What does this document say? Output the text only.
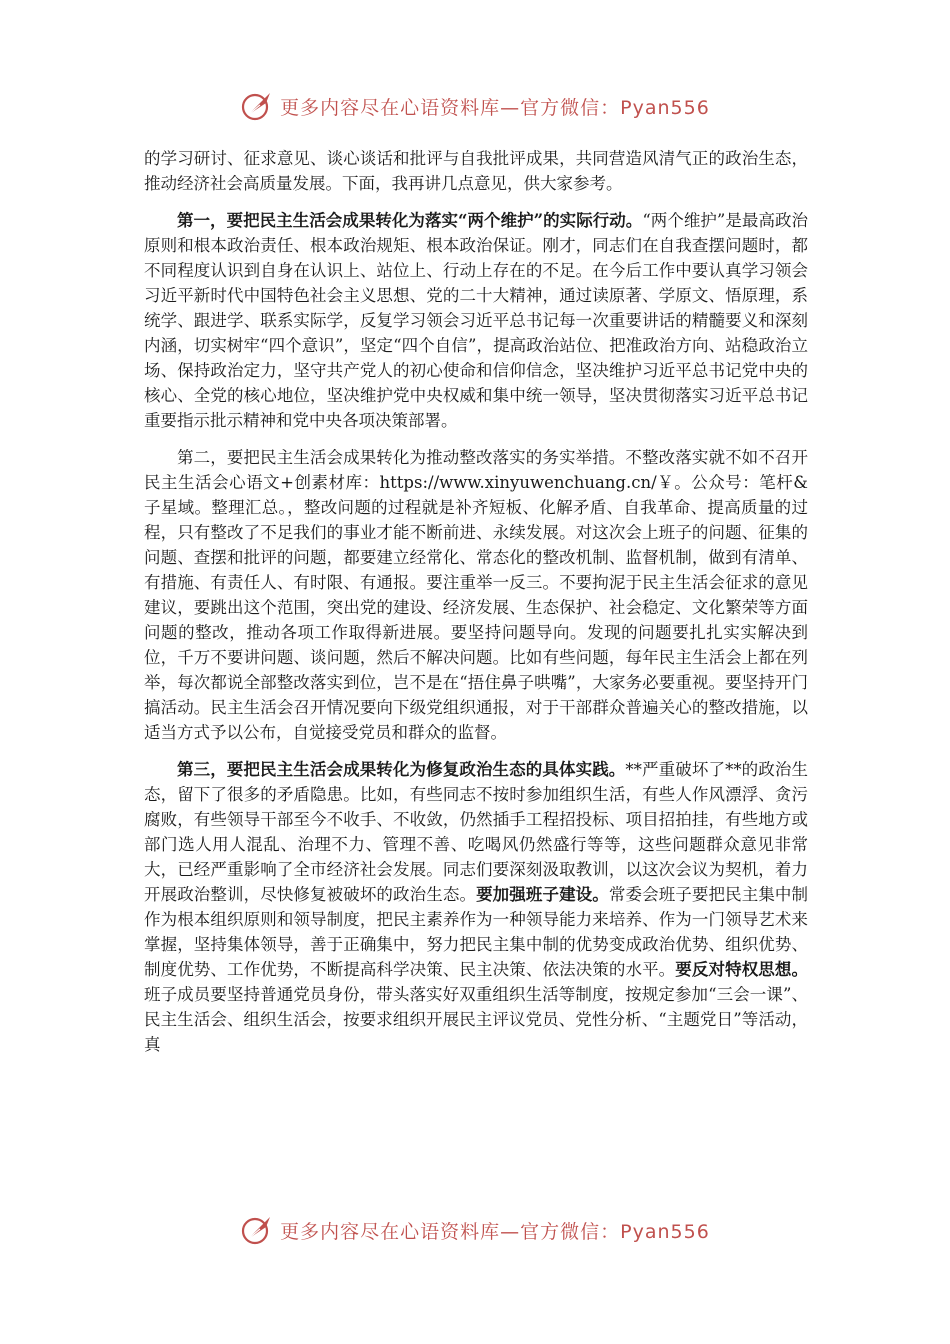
更多内容尽在心语资料库—官方微信：Pyan556

的学习研讨、征求意见、谈心谈话和批评与自我批评成果，共同营造风清气正的政治生态，推动经济社会高质量发展。下面，我再讲几点意见，供大家参考。

第一，要把民主生活会成果转化为落实“两个维护”的实际行动。“两个维护”是最高政治原则和根本政治责任、根本政治规矩、根本政治保证。刚才，同志们在自我查摆问题时，都不同程度认识到自身在认识上、站位上、行动上存在的不足。在今后工作中要认真学习领会习近平新时代中国特色社会主义思想、党的二十大精神，通过读原著、学原文、悟原理，系统学、跟进学、联系实际学，反复学习领会习近平总书记每一次重要讲话的精髓要义和深刻内涵，切实树牢“四个意识”，坚定“四个自信”，提高政治站位、把准政治方向、站稳政治立场、保持政治定力，坚守共产党人的初心使命和信仰信念，坚决维护习近平总书记党中央的核心、全党的核心地位，坚决维护党中央权威和集中统一领导，坚决贯彻落实习近平总书记重要指示批示精神和党中央各项决策部署。

第二，要把民主生活会成果转化为推动整改落实的务实举措。不整改落实就不如不召开民主生活会心语文+创素材库：https://www.xinyuwenchuang.cn/￥。公众号：笔杆&子星域。整理汇总。，整改问题的过程就是补齐短板、化解矛盾、自我革命、提高质量的过程，只有整改了不足我们的事业才能不断前进、永续发展。对这次会上班子的问题、征集的问题、查摆和批评的问题，都要建立经常化、常态化的整改机制、监督机制，做到有清单、有措施、有责任人、有时限、有通报。要注重举一反三。不要拘泥于民主生活会征求的意见建议，要跳出这个范围，突出党的建设、经济发展、生态保护、社会稳定、文化繁荣等方面问题的整改，推动各项工作取得新进展。要坚持问题导向。发现的问题要扎扎实实解决到位，千万不要讲问题、谈问题，然后不解决问题。比如有些问题，每年民主生活会上都在列举，每次都说全部整改落实到位，岂不是在“捂住鼻子哄嘴”，大家务必要重视。要坚持开门搞活动。民主生活会召开情况要向下级党组织通报，对于干部群众普遍关心的整改措施，以适当方式予以公布，自觉接受党员和群众的监督。

第三，要把民主生活会成果转化为修复政治生态的具体实践。**严重破坏了**的政治生态，留下了很多的矛盾隐患。比如，有些同志不按时参加组织生活，有些人作风漂浮、贪污腐败，有些领导干部至今不收手、不收敛，仍然插手工程招投标、项目招拍挂，有些地方或部门选人用人混乱、治理不力、管理不善、吃喝风仍然盛行等等，这些问题群众意见非常大，已经严重影响了全市经济社会发展。同志们要深刻汲取教训，以这次会议为契机，着力开展政治整训，尽快修复被破坏的政治生态。要加强班子建设。常委会班子要把民主集中制作为根本组织原则和领导制度，把民主素养作为一种领导能力来培养、作为一门领导艺术来掌握，坚持集体领导，善于正确集中，努力把民主集中制的优势变成政治优势、组织优势、制度优势、工作优势，不断提高科学决策、民主决策、依法决策的水平。要反对特权思想。班子成员要坚持普通党员身份，带头落实好双重组织生活等制度，按规定参加“三会一课”、民主生活会、组织生活会，按要求组织开展民主评议党员、党性分析、“主题党日”等活动，真

更多内容尽在心语资料库—官方微信：Pyan556
